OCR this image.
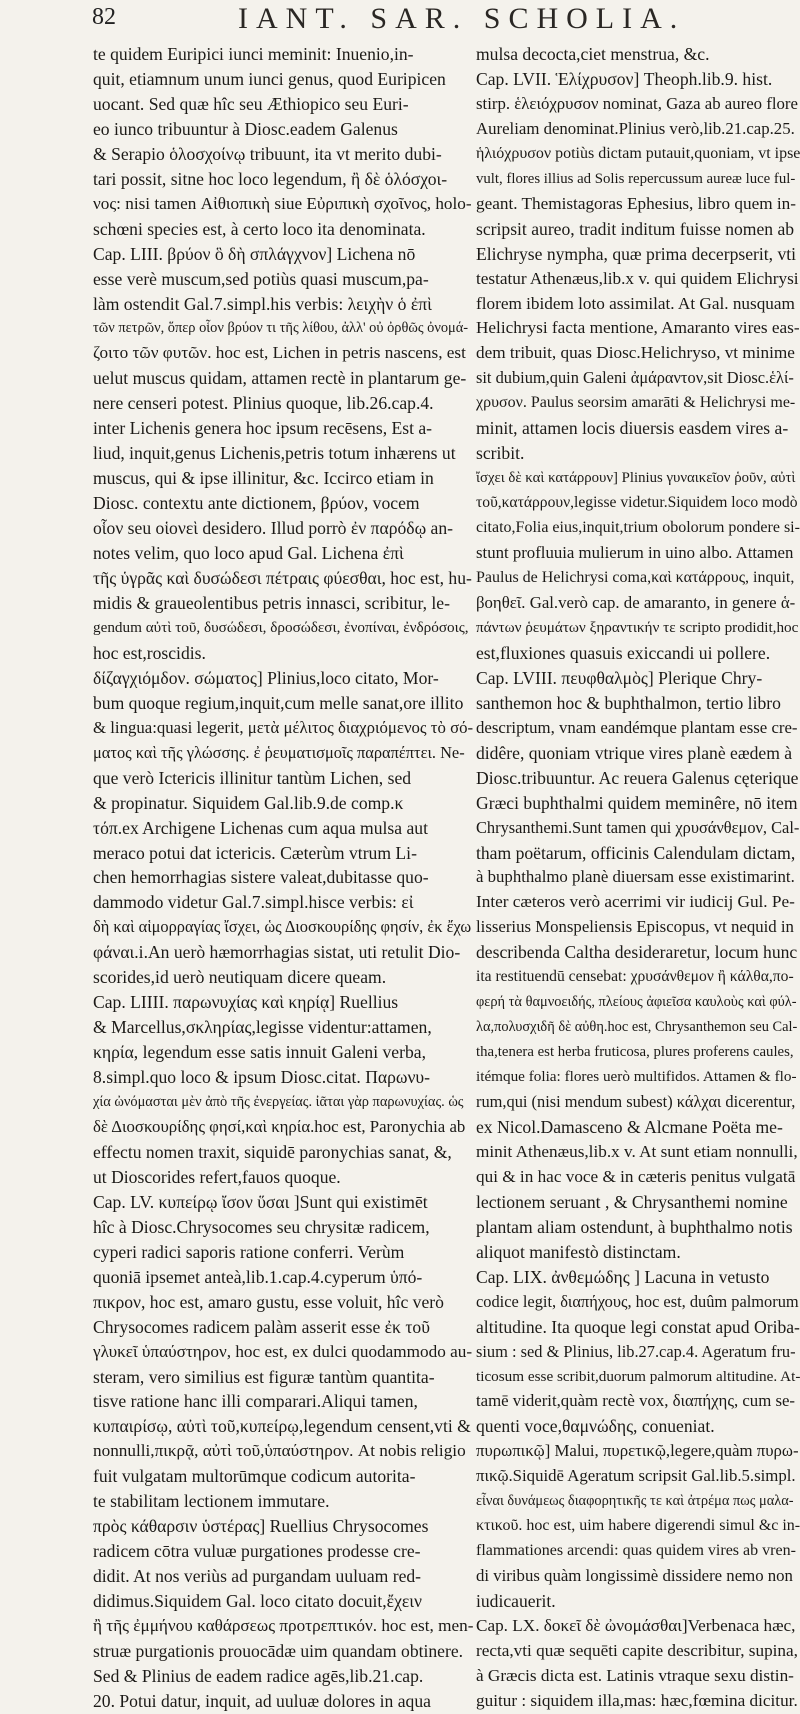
82	IANT. SAR. SCHOLIA.
te quidem Euripici iunci meminit: Inuenio,in-
quit, etiamnum unum iunci genus, quod Euripicen
uocant. Sed quæ hîc seu Æthiopico seu Euri-
eo iunco tribuuntur à Diosc.eadem Galenus
& Serapio ὁλοσχοίνῳ tribuunt, ita vt merito dubi-
tari possit, sitne hoc loco legendum, ἢ δὲ ὁλόσχοι-
νος: nisi tamen Αἰθιοπικὴ siue Εὐριπικὴ σχοῖνος, holo-
schœni species est, à certo loco ita denominata.
Cap. LIII. βρύον ὃ δὴ σπλάγχνον] Lichena nō
esse verè muscum,sed potiùs quasi muscum,pa-
làm ostendit Gal.7.simpl.his verbis: λειχὴν ὁ ἐπὶ
τῶν πετρῶν, ὅπερ οἷον βρύον τι τῆς λίθου, ἀλλ' οὐ ὀρθῶς ὀνομά-
ζοιτο τῶν φυτῶν. hoc est, Lichen in petris nascens, est
uelut muscus quidam, attamen rectè in plantarum ge-
nere censeri potest. Plinius quoque, lib.26.cap.4.
inter Lichenis genera hoc ipsum recēsens, Est a-
liud, inquit,genus Lichenis,petris totum inhærens ut
muscus, qui & ipse illinitur, &c. Iccirco etiam in
Diosc. contextu ante dictionem, βρύον, vocem
οἷον seu οἱονεὶ desidero. Illud porrò ἐν παρόδῳ an-
notes velim, quo loco apud Gal. Lichena ἐπὶ
τῆς ὑγρᾶς καὶ δυσώδεσι πέτραις φύεσθαι, hoc est, hu-
midis & graueolentibus petris innasci, scribitur, le-
gendum αὐτὶ τοῦ, δυσώδεσι, δροσώδεσι, ἐνοπίναι, ἐνδρόσοις,
hoc est,roscidis.
δίζαγχιόμδον. σώματος] Plinius,loco citato, Mor-
bum quoque regium,inquit,cum melle sanat,ore illito
& lingua:quasi legerit, μετὰ μέλιτος διαχριόμενος τὸ σό-
ματος καὶ τῆς γλώσσης. ἐ ῥευματισμοῖς παραπέπτει. Ne-
que verò Ictericis illinitur tantùm Lichen, sed
& propinatur. Siquidem Gal.lib.9.de comp.κ
τόπ.ex Archigene Lichenas cum aqua mulsa aut
meraco potui dat ictericis. Cæterùm vtrum Li-
chen hemorrhagias sistere valeat,dubitasse quo-
dammodo videtur Gal.7.simpl.hisce verbis: εἰ
δὴ καὶ αἱμορραγίας ἴσχει, ὡς Διοσκουρίδης φησίν, ἐκ ἔχω
φάναι.i.An uerò hæmorrhagias sistat, uti retulit Dio-
scorides,id uerò neutiquam dicere queam.
Cap. LIIII. παρωνυχίας καὶ κηρίᾳ] Ruellius
& Marcellus,σκληρίας,legisse videntur:attamen,
κηρία, legendum esse satis innuit Galeni verba,
8.simpl.quo loco & ipsum Diosc.citat. Παρωνυ-
χία ὠνόμασται μὲν ἀπὸ τῆς ἐνεργείας. ἰᾶται γὰρ παρωνυχίας. ὡς
δὲ Διοσκουρίδης φησί,καὶ κηρία.hoc est, Paronychia ab
effectu nomen traxit, siquidē paronychias sanat, &,
ut Dioscorides refert,fauos quoque.
Cap. LV. κυπείρῳ ἴσον ὕσαι ]Sunt qui existimēt
hîc à Diosc.Chrysocomes seu chrysitæ radicem,
cyperi radici saporis ratione conferri. Verùm
quoniā ipsemet anteà,lib.1.cap.4.cyperum ὑπό-
πικρον, hoc est, amaro gustu, esse voluit, hîc verò
Chrysocomes radicem palàm asserit esse ἐκ τοῦ
γλυκεῖ ὑπαύστηρον, hoc est, ex dulci quodammodo au-
steram, vero similius est figuræ tantùm quantita-
tisve ratione hanc illi comparari.Aliqui tamen,
κυπαιρίσῳ, αὐτὶ τοῦ,κυπείρῳ,legendum censent,vti &
nonnulli,πικρᾷ, αὐτὶ τοῦ,ὑπαύστηρον. At nobis religio
fuit vulgatam multorūmque codicum autorita-
te stabilitam lectionem immutare.
πρὸς κάθαρσιν ὑστέρας] Ruellius Chrysocomes
radicem cōtra vuluæ purgationes prodesse cre-
didit. At nos veriùs ad purgandam uuluam red-
didimus.Siquidem Gal. loco citato docuit,ἔχειν
ἢ τῆς ἐμμήνου καθάρσεως προτρεπτικόν. hoc est, men-
struæ purgationis prouocādæ uim quandam obtinere.
Sed & Plinius de eadem radice agēs,lib.21.cap.
20. Potui datur, inquit, ad uuluæ dolores in aqua
mulsa decocta,ciet menstrua, &c.
Cap. LVII. Ἑλίχρυσον] Theoph.lib.9. hist.
stirp. ἑλειόχρυσον nominat, Gaza ab aureo flore
Aureliam denominat.Plinius verò,lib.21.cap.25.
ἡλιόχρυσον potiùs dictam putauit,quoniam, vt ipse
vult, flores illius ad Solis repercussum aureæ luce ful-
geant. Themistagoras Ephesius, libro quem in-
scripsit aureo, tradit inditum fuisse nomen ab
Elichryse nympha, quæ prima decerpserit, vti
testatur Athenæus,lib.x v. qui quidem Elichrysi
florem ibidem loto assimilat. At Gal. nusquam
Helichrysi facta mentione, Amaranto vires eas-
dem tribuit, quas Diosc.Helichryso, vt minime
sit dubium,quin Galeni ἀμάραντον,sit Diosc.ἑλί-
χρυσον. Paulus seorsim amarāti & Helichrysi me-
minit, attamen locis diuersis easdem vires a-
scribit.
ἴσχει δὲ καὶ κατάρρουν] Plinius γυναικεῖον ῥοῦν, αὐτὶ
τοῦ,κατάρρουν,legisse videtur.Siquidem loco modò
citato,Folia eius,inquit,trium obolorum pondere si-
stunt profluuia mulierum in uino albo. Attamen
Paulus de Helichrysi coma,καὶ κατάρρους, inquit,
βοηθεῖ. Gal.verò cap. de amaranto, in genere ἁ-
πάντων ῥευμάτων ξηραντικήν τε scripto prodidit,hoc
est,fluxiones quasuis exiccandi ui pollere.
Cap. LVIII. πευφθαλμὸς] Plerique Chry-
santhemon hoc & buphthalmon, tertio libro
descriptum, vnam eandémque plantam esse cre-
didêre, quoniam vtrique vires planè eædem à
Diosc.tribuuntur. Ac reuera Galenus cęterique
Græci buphthalmi quidem meminêre, nō item
Chrysanthemi.Sunt tamen qui χρυσάνθεμον, Cal-
tham poëtarum, officinis Calendulam dictam,
à buphthalmo planè diuersam esse existimarint.
Inter cæteros verò acerrimi vir iudicij Gul. Pe-
lisserius Monspeliensis Episcopus, vt nequid in
describenda Caltha desideraretur, locum hunc
ita restituendū censebat: χρυσάνθεμον ἢ κάλθα,πο-
φερή τὰ θαμνοειδής, πλείους ἀφιεῖσα καυλοὺς καὶ φύλ-
λα,πολυσχιδῆ δὲ αὐθη.hoc est, Chrysanthemon seu Cal-
tha,tenera est herba fruticosa, plures proferens caules,
itémque folia: flores uerò multifidos. Attamen & flo-
rum,qui (nisi mendum subest) κάλχαι dicerentur,
ex Nicol.Damasceno & Alcmane Poëta me-
minit Athenæus,lib.x v. At sunt etiam nonnulli,
qui & in hac voce & in cæteris penitus vulgatā
lectionem seruant , & Chrysanthemi nomine
plantam aliam ostendunt, à buphthalmo notis
aliquot manifestò distinctam.
Cap. LIX. ἀνθεμώδης ] Lacuna in vetusto
codice legit, διαπήχους, hoc est, duûm palmorum
altitudine. Ita quoque legi constat apud Oriba-
sium : sed & Plinius, lib.27.cap.4. Ageratum fru-
ticosum esse scribit,duorum palmorum altitudine. At-
tamē viderit,quàm rectè vox, διαπήχης, cum se-
quenti voce,θαμνώδης, conueniat.
πυρωπικῷ] Malui, πυρετικῷ,legere,quàm πυρω-
πικῷ.Siquidē Ageratum scripsit Gal.lib.5.simpl.
εἶναι δυνάμεως διαφορητικῆς τε καὶ ἀτρέμα πως μαλα-
κτικοῦ. hoc est, uim habere digerendi simul &c in-
flammationes arcendi: quas quidem vires ab vren-
di viribus quàm longissimè dissidere nemo non
iudicauerit.
Cap. LX. δοκεῖ δὲ ὠνομάσθαι]Verbenaca hæc,
recta,vti quæ sequēti capite describitur, supina,
à Græcis dicta est. Latinis vtraque sexu distin-
guitur : siquidem illa,mas: hæc,fœmina dicitur.
